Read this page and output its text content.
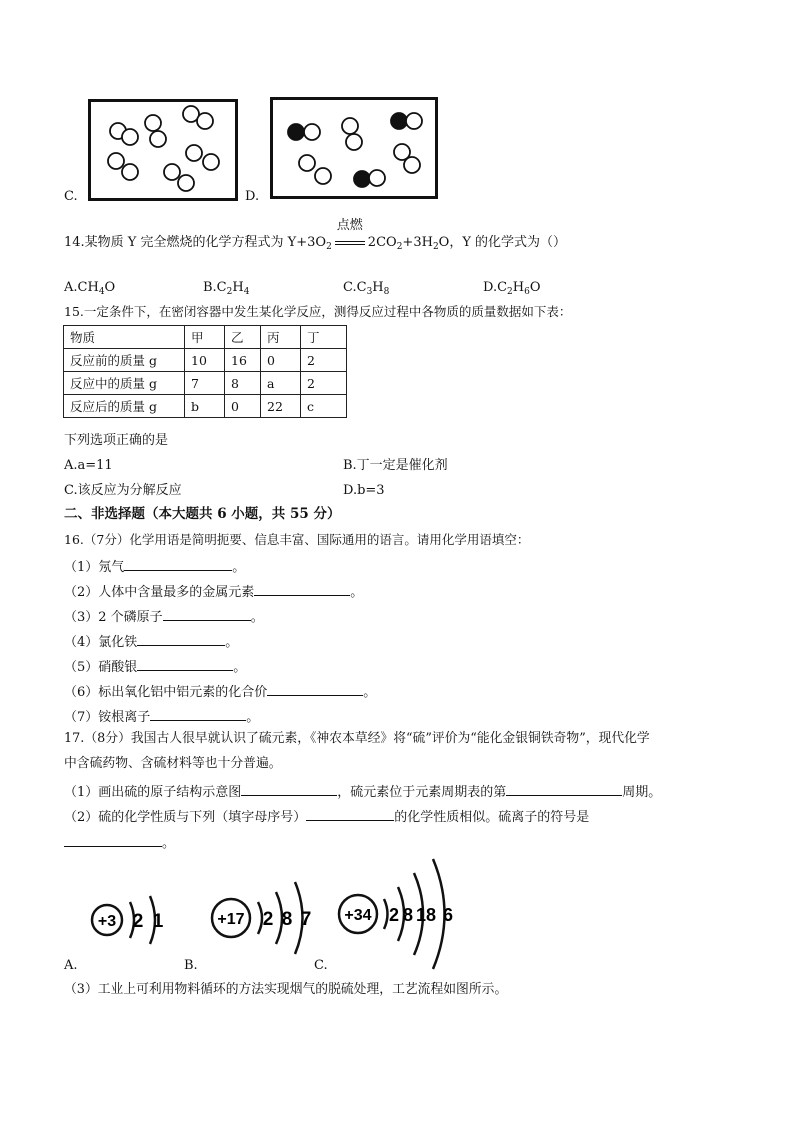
C.	D.
14.某物质 Y 完全燃烧的化学方程式为 $Y+3O_2$
点燃
$2CO_2+3H_2O$，Y 的化学式为（）
$A.CH_4O$	$B.C_2H_4$	$C.C_3H_8$	$D.C_2H_6O$
15.一定条件下，在密闭容器中发生某化学反应，测得反应过程中各物质的质量数据如下表：
物质	甲	乙	丙	丁
反应前的质量 g	10	16	0	2
反应中的质量 g	7	8	a	2
反应后的质量 g	b	0	22	c
下列选项正确的是
A.a=11	B.丁一定是催化剂
C.该反应为分解反应	D.b=3
二、非选择题（本大题共 6 小题，共 55 分）
16.（7分）化学用语是简明扼要、信息丰富、国际通用的语言。请用化学用语填空：
（1）氖气	。
（2）人体中含量最多的金属元素	。
（3）2 个磷原子	。
（4）氯化铁	。
（5）硝酸银	。
（6）标出氧化铝中铝元素的化合价	。
（7）铵根离子	。
17.（8分）我国古人很早就认识了硫元素，《神农本草经》将“硫”评价为“能化金银铜铁奇物”，现代化学
中含硫药物、含硫材料等也十分普遍。
（1）画出硫的原子结构示意图	，硫元素位于元素周期表的第	周期。
（2）硫的化学性质与下列（填字母序号）	的化学性质相似。硫离子的符号是
。
A.
+3 2 1
B.
+17 2 8 7
C.
+34 2 8 18 6
（3）工业上可利用物料循环的方法实现烟气的脱硫处理，工艺流程如图所示。
